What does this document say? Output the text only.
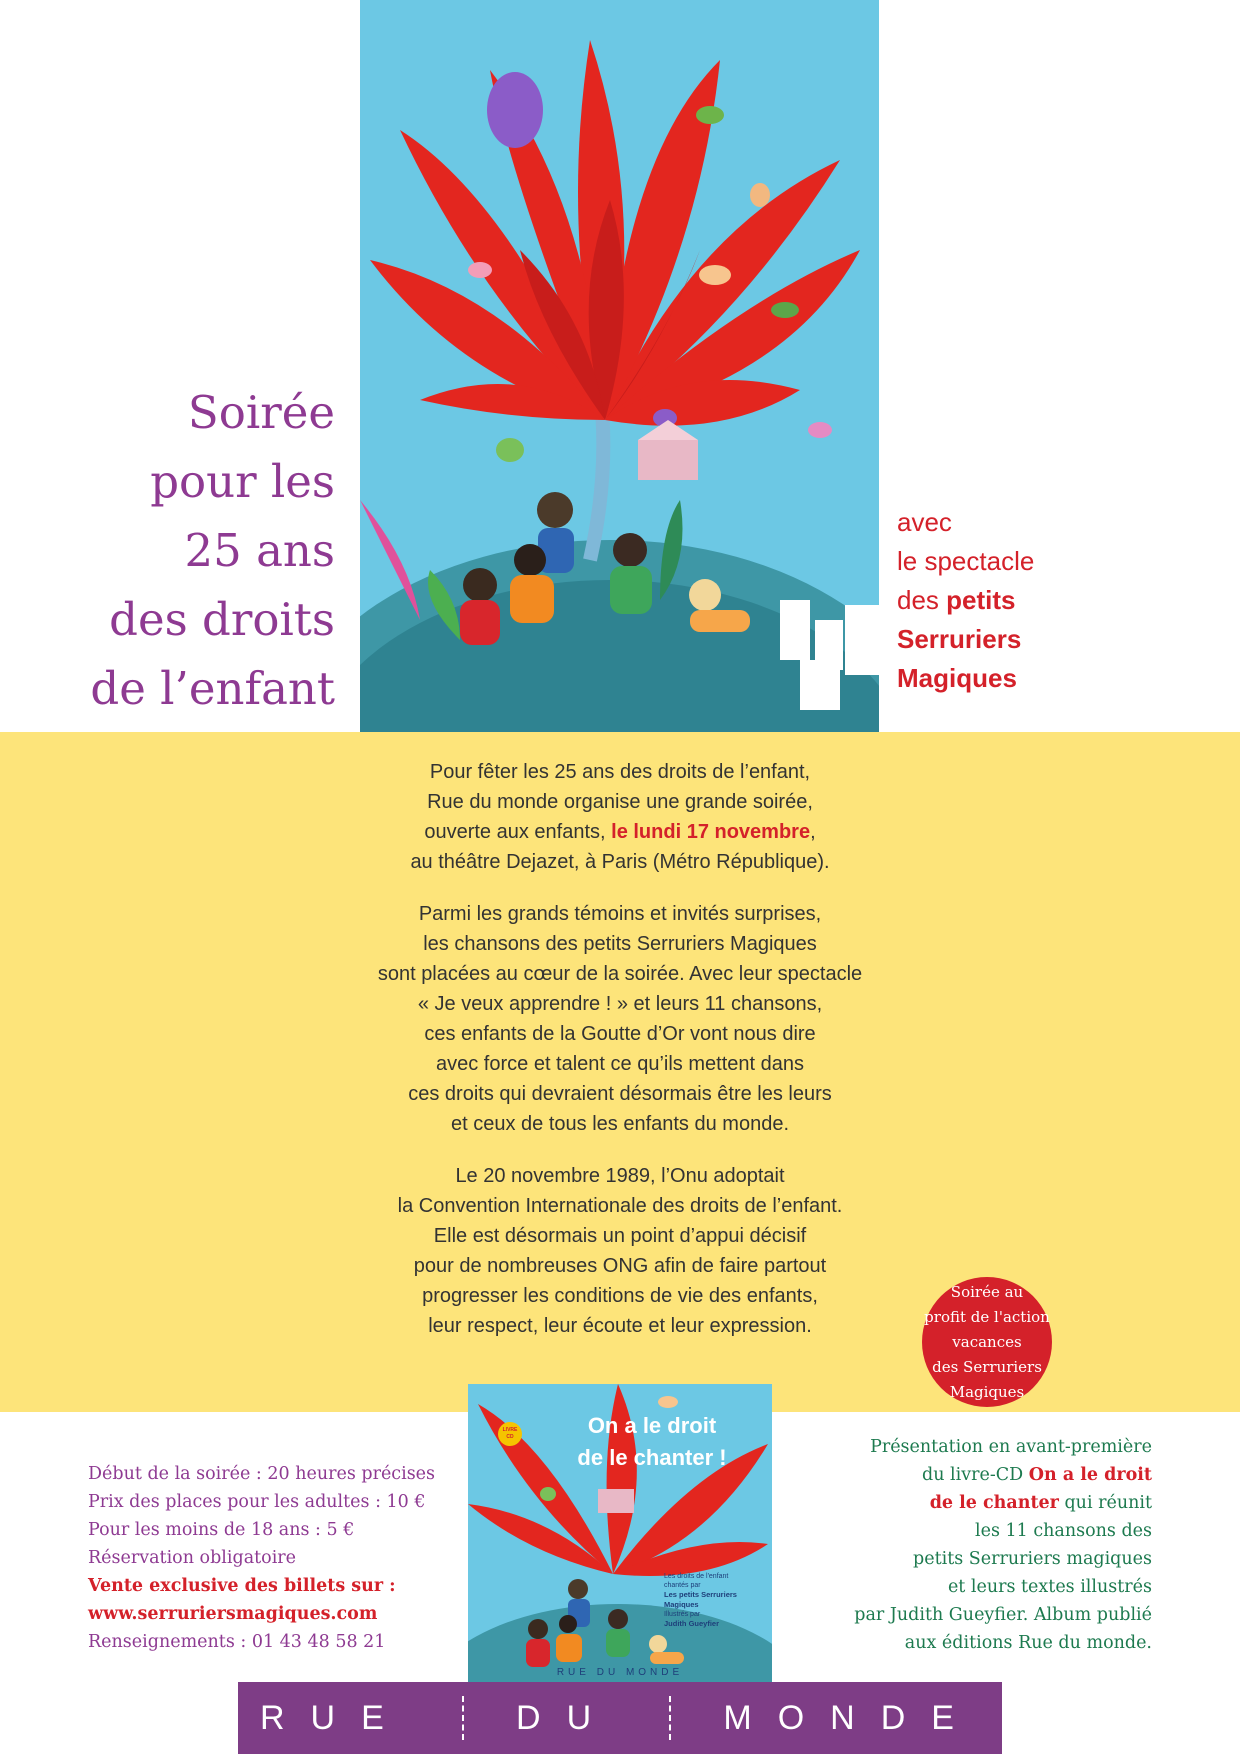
Soirée
pour les
25 ans
des droits
de l’enfant
avec
le spectacle
des petits
Serruriers
Magiques

Pour fêter les 25 ans des droits de l’enfant,
Rue du monde organise une grande soirée,
ouverte aux enfants, le lundi 17 novembre,
au théâtre Dejazet, à Paris (Métro République).

Parmi les grands témoins et invités surprises,
les chansons des petits Serruriers Magiques
sont placées au cœur de la soirée. Avec leur spectacle
« Je veux apprendre ! » et leurs 11 chansons,
ces enfants de la Goutte d’Or vont nous dire
avec force et talent ce qu’ils mettent dans
ces droits qui devraient désormais être les leurs
et ceux de tous les enfants du monde.

Le 20 novembre 1989, l’Onu adoptait
la Convention Internationale des droits de l’enfant.
Elle est désormais un point d’appui décisif
pour de nombreuses ONG afin de faire partout
progresser les conditions de vie des enfants,
leur respect, leur écoute et leur expression.

Soirée au
profit de l'action
vacances
des Serruriers
Magiques
Début de la soirée : 20 heures précises
Prix des places pour les adultes : 10 €
Pour les moins de 18 ans : 5 €
Réservation obligatoire
Vente exclusive des billets sur :
www.serruriersmagiques.com
Renseignements : 01 43 48 58 21
LIVRE
CD	On a le droit
de le chanter !
Les droits de l'enfant
chantés par
Les petits Serruriers Magiques
Illustrés par
Judith Gueyfier
RUE DU MONDE
Présentation en avant-première
du livre-CD On a le droit
de le chanter qui réunit
les 11 chansons des
petits Serruriers magiques
et leurs textes illustrés
par Judith Gueyfier. Album publié
aux éditions Rue du monde.
RUE	DU	MONDE
